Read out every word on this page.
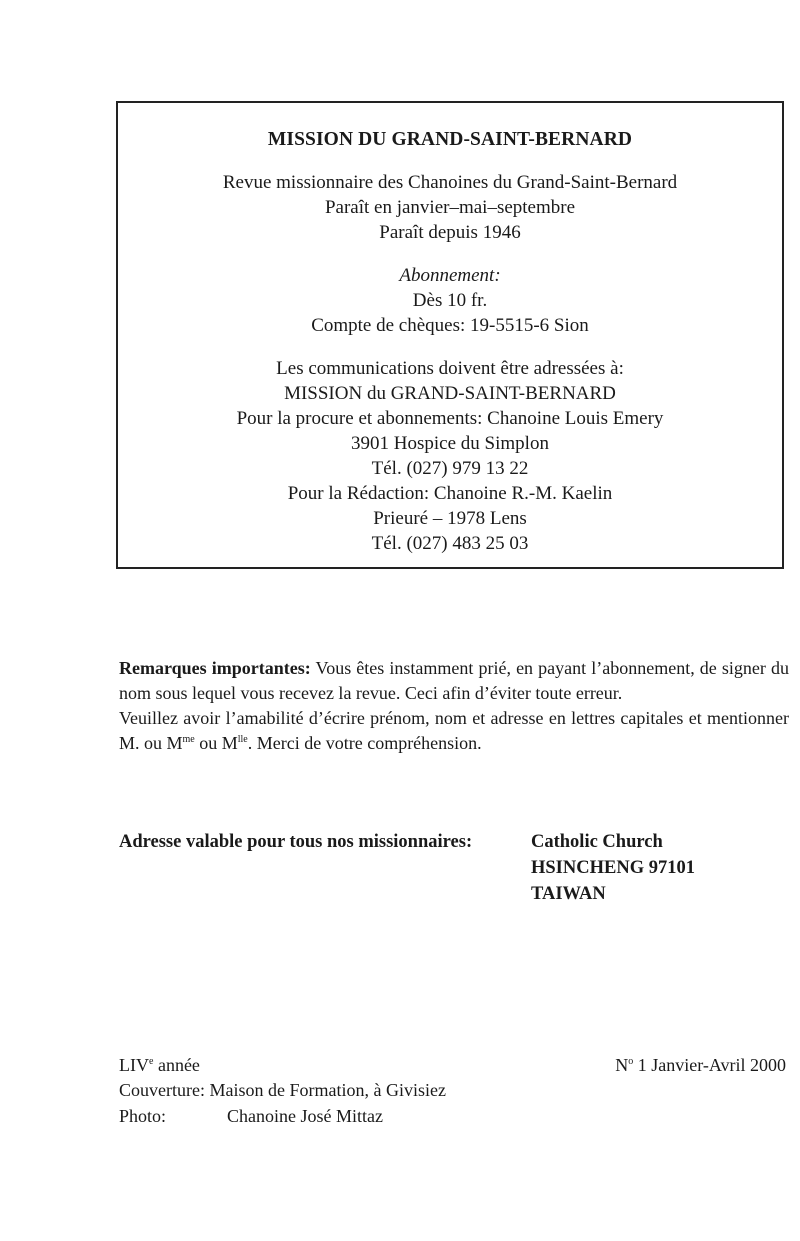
MISSION DU GRAND-SAINT-BERNARD
Revue missionnaire des Chanoines du Grand-Saint-Bernard
Paraît en janvier–mai–septembre
Paraît depuis 1946
Abonnement:
Dès 10 fr.
Compte de chèques: 19-5515-6 Sion
Les communications doivent être adressées à:
MISSION du GRAND-SAINT-BERNARD
Pour la procure et abonnements: Chanoine Louis Emery
3901 Hospice du Simplon
Tél. (027) 979 13 22
Pour la Rédaction: Chanoine R.-M. Kaelin
Prieuré – 1978 Lens
Tél. (027) 483 25 03

Remarques importantes: Vous êtes instamment prié, en payant l’abonnement, de signer du nom sous lequel vous recevez la revue. Ceci afin d’éviter toute erreur.

Veuillez avoir l’amabilité d’écrire prénom, nom et adresse en lettres capitales et mentionner M. ou $M^{me}$ ou $M^{lle}$. Merci de votre compréhension.

Adresse valable pour tous nos missionnaires:	Catholic Church
HSINCHENG 97101
TAIWAN
LIVe année	$N^o$ 1 Janvier-Avril 2000
Couverture: Maison de Formation, à Givisiez
Photo:	Chanoine José Mittaz
